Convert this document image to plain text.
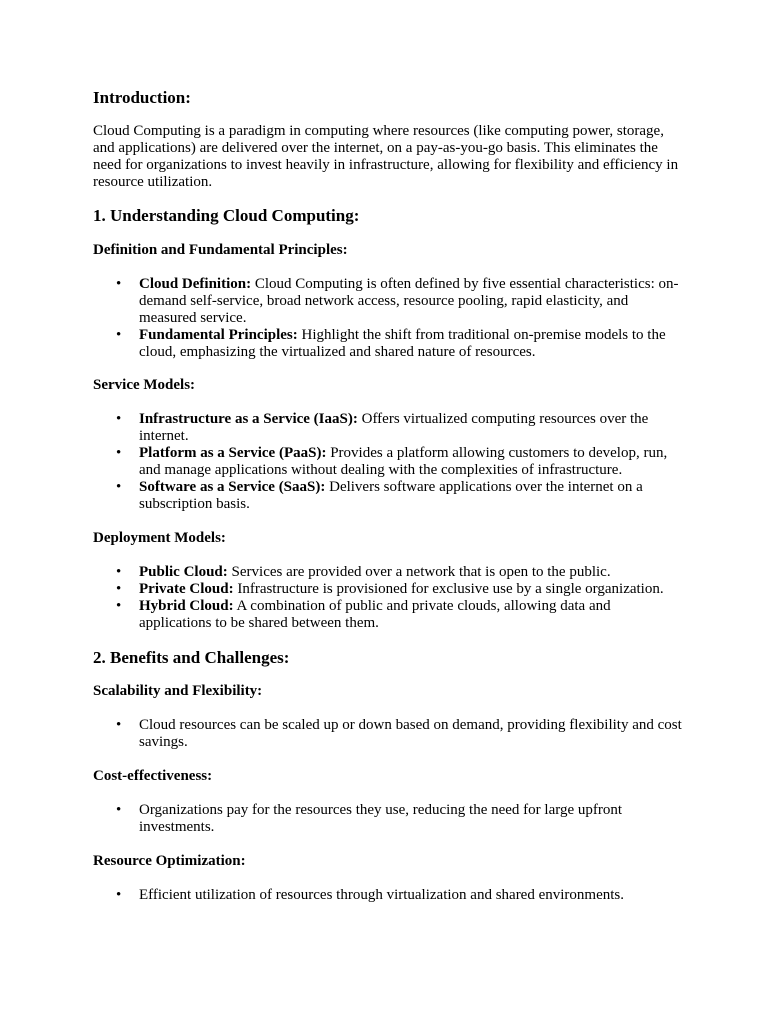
Introduction:

Cloud Computing is a paradigm in computing where resources (like computing power, storage, and applications) are delivered over the internet, on a pay-as-you-go basis. This eliminates the need for organizations to invest heavily in infrastructure, allowing for flexibility and efficiency in resource utilization.

1. Understanding Cloud Computing:
Definition and Fundamental Principles:
• Cloud Definition: Cloud Computing is often defined by five essential characteristics: on-demand self-service, broad network access, resource pooling, rapid elasticity, and measured service.
• Fundamental Principles: Highlight the shift from traditional on-premise models to the cloud, emphasizing the virtualized and shared nature of resources.
Service Models:
• Infrastructure as a Service (IaaS): Offers virtualized computing resources over the internet.
• Platform as a Service (PaaS): Provides a platform allowing customers to develop, run, and manage applications without dealing with the complexities of infrastructure.
• Software as a Service (SaaS): Delivers software applications over the internet on a subscription basis.
Deployment Models:
• Public Cloud: Services are provided over a network that is open to the public.
• Private Cloud: Infrastructure is provisioned for exclusive use by a single organization.
• Hybrid Cloud: A combination of public and private clouds, allowing data and applications to be shared between them.
2. Benefits and Challenges:
Scalability and Flexibility:
• Cloud resources can be scaled up or down based on demand, providing flexibility and cost savings.
Cost-effectiveness:
• Organizations pay for the resources they use, reducing the need for large upfront investments.
Resource Optimization:
• Efficient utilization of resources through virtualization and shared environments.
